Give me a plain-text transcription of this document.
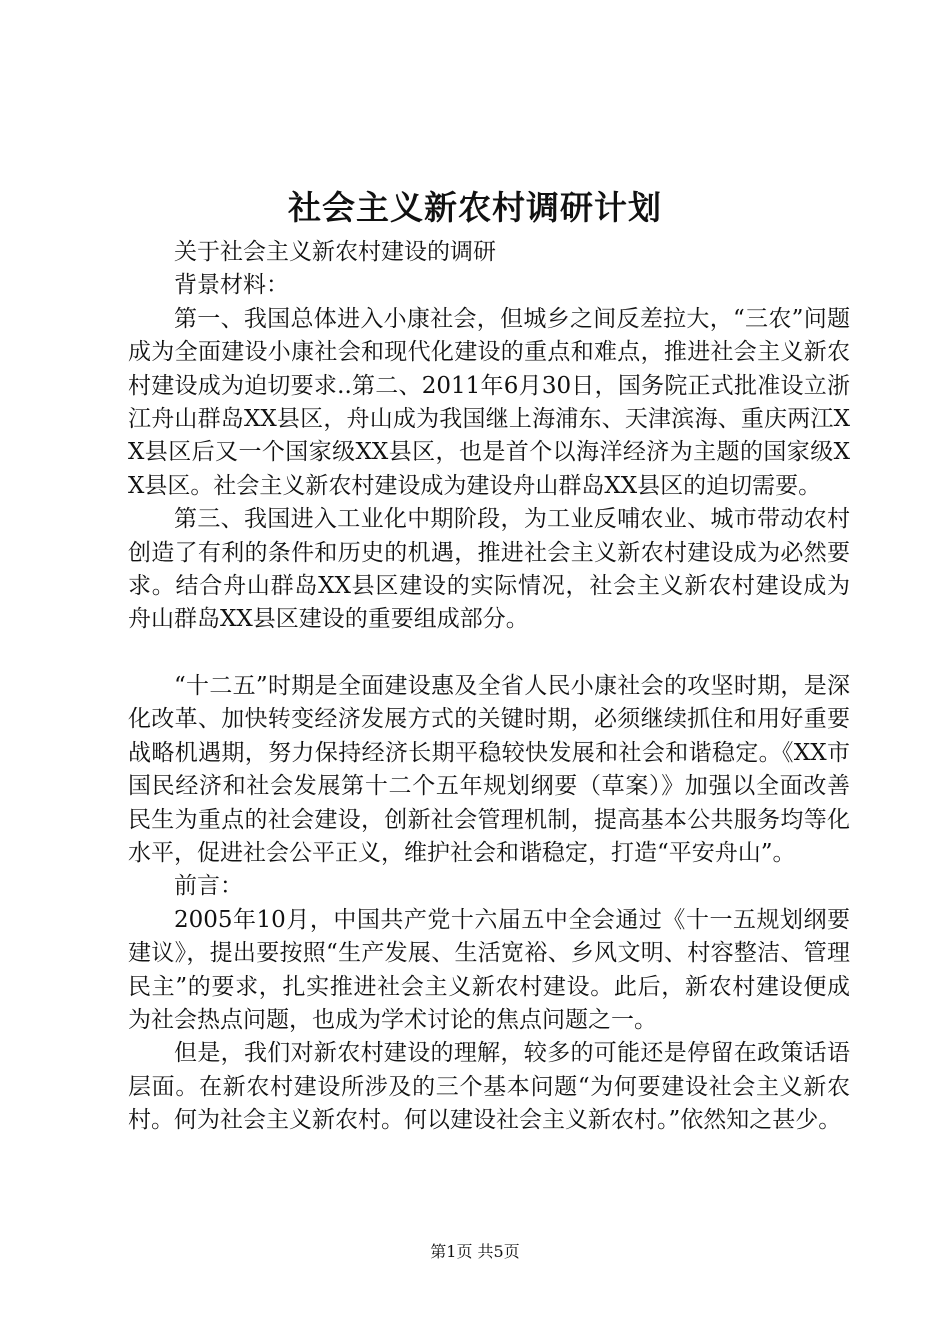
社会主义新农村调研计划

关于社会主义新农村建设的调研

背景材料：

第一、我国总体进入小康社会，但城乡之间反差拉大，“三农”问题成为全面建设小康社会和现代化建设的重点和难点，推进社会主义新农村建设成为迫切要求..第二、2011年6月30日，国务院正式批准设立浙江舟山群岛XX县区，舟山成为我国继上海浦东、天津滨海、重庆两江XX县区后又一个国家级XX县区，也是首个以海洋经济为主题的国家级XX县区。社会主义新农村建设成为建设舟山群岛XX县区的迫切需要。

第三、我国进入工业化中期阶段，为工业反哺农业、城市带动农村创造了有利的条件和历史的机遇，推进社会主义新农村建设成为必然要求。结合舟山群岛XX县区建设的实际情况，社会主义新农村建设成为舟山群岛XX县区建设的重要组成部分。

“十二五”时期是全面建设惠及全省人民小康社会的攻坚时期，是深化改革、加快转变经济发展方式的关键时期，必须继续抓住和用好重要战略机遇期，努力保持经济长期平稳较快发展和社会和谐稳定。《XX市国民经济和社会发展第十二个五年规划纲要（草案）》加强以全面改善民生为重点的社会建设，创新社会管理机制，提高基本公共服务均等化水平，促进社会公平正义，维护社会和谐稳定，打造“平安舟山”。

前言：

2005年10月，中国共产党十六届五中全会通过《十一五规划纲要建议》，提出要按照“生产发展、生活宽裕、乡风文明、村容整洁、管理民主”的要求，扎实推进社会主义新农村建设。此后，新农村建设便成为社会热点问题，也成为学术讨论的焦点问题之一。

但是，我们对新农村建设的理解，较多的可能还是停留在政策话语层面。在新农村建设所涉及的三个基本问题“为何要建设社会主义新农村。何为社会主义新农村。何以建设社会主义新农村。”依然知之甚少。

第1页 共5页
